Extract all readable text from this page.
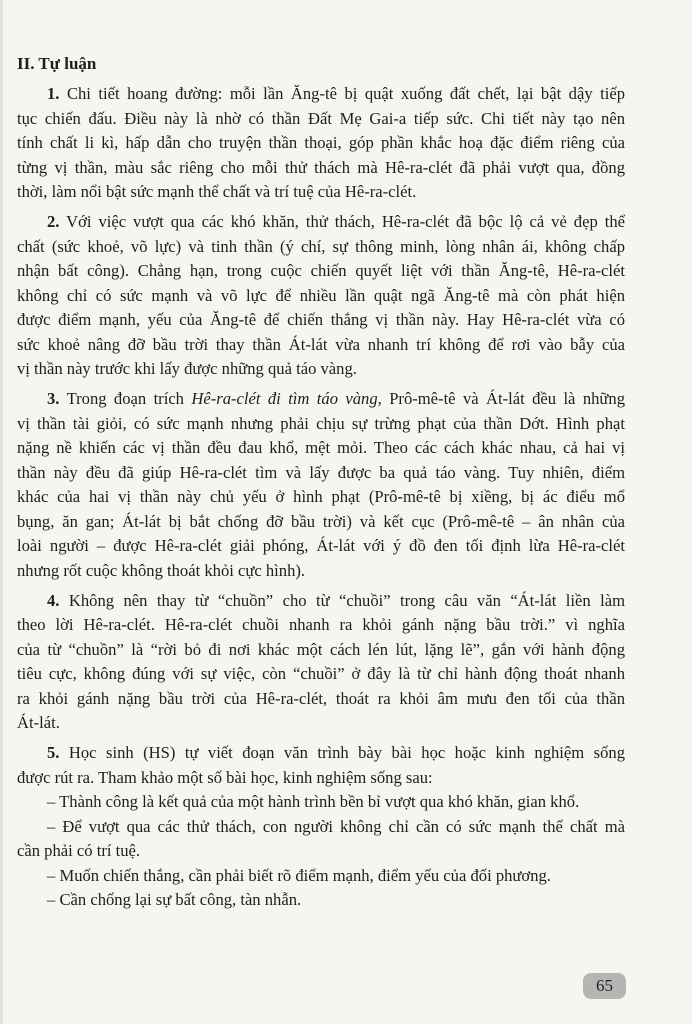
II. Tự luận
1. Chi tiết hoang đường: mỗi lần Ăng-tê bị quật xuống đất chết, lại bật dậy tiếp
tục chiến đấu. Điều này là nhờ có thần Đất Mẹ Gai-a tiếp sức. Chi tiết này tạo nên
tính chất li kì, hấp dẫn cho truyện thần thoại, góp phần khắc hoạ đặc điểm riêng của
từng vị thần, màu sắc riêng cho mỗi thử thách mà Hê-ra-clét đã phải vượt qua, đồng
thời, làm nổi bật sức mạnh thể chất và trí tuệ của Hê-ra-clét.
2. Với việc vượt qua các khó khăn, thử thách, Hê-ra-clét đã bộc lộ cả vẻ đẹp thể
chất (sức khoẻ, võ lực) và tinh thần (ý chí, sự thông minh, lòng nhân ái, không chấp
nhận bất công). Chẳng hạn, trong cuộc chiến quyết liệt với thần Ăng-tê, Hê-ra-clét
không chỉ có sức mạnh và võ lực để nhiều lần quật ngã Ăng-tê mà còn phát hiện
được điểm mạnh, yếu của Ăng-tê để chiến thắng vị thần này. Hay Hê-ra-clét vừa có
sức khoẻ nâng đỡ bầu trời thay thần Át-lát vừa nhanh trí không để rơi vào bẫy của
vị thần này trước khi lấy được những quả táo vàng.
3. Trong đoạn trích Hê-ra-clét đi tìm táo vàng, Prô-mê-tê và Át-lát đều là những
vị thần tài giỏi, có sức mạnh nhưng phải chịu sự trừng phạt của thần Dớt. Hình phạt
nặng nề khiến các vị thần đều đau khổ, mệt mỏi. Theo các cách khác nhau, cả hai vị
thần này đều đã giúp Hê-ra-clét tìm và lấy được ba quả táo vàng. Tuy nhiên, điểm
khác của hai vị thần này chủ yếu ở hình phạt (Prô-mê-tê bị xiềng, bị ác điểu mổ
bụng, ăn gan; Át-lát bị bắt chống đỡ bầu trời) và kết cục (Prô-mê-tê – ân nhân của
loài người – được Hê-ra-clét giải phóng, Át-lát với ý đồ đen tối định lừa Hê-ra-clét
nhưng rốt cuộc không thoát khỏi cực hình).
4. Không nên thay từ “chuồn” cho từ “chuồi” trong câu văn “Át-lát liền làm
theo lời Hê-ra-clét. Hê-ra-clét chuồi nhanh ra khỏi gánh nặng bầu trời.” vì nghĩa
của từ “chuồn” là “rời bỏ đi nơi khác một cách lén lút, lặng lẽ”, gắn với hành động
tiêu cực, không đúng với sự việc, còn “chuồi” ở đây là từ chỉ hành động thoát nhanh
ra khỏi gánh nặng bầu trời của Hê-ra-clét, thoát ra khỏi âm mưu đen tối của thần
Át-lát.
5. Học sinh (HS) tự viết đoạn văn trình bày bài học hoặc kinh nghiệm sống
được rút ra. Tham khảo một số bài học, kinh nghiệm sống sau:
– Thành công là kết quả của một hành trình bền bỉ vượt qua khó khăn, gian khổ.
– Để vượt qua các thử thách, con người không chỉ cần có sức mạnh thể chất mà
cần phải có trí tuệ.
– Muốn chiến thắng, cần phải biết rõ điểm mạnh, điểm yếu của đối phương.
– Cần chống lại sự bất công, tàn nhẫn.
65
